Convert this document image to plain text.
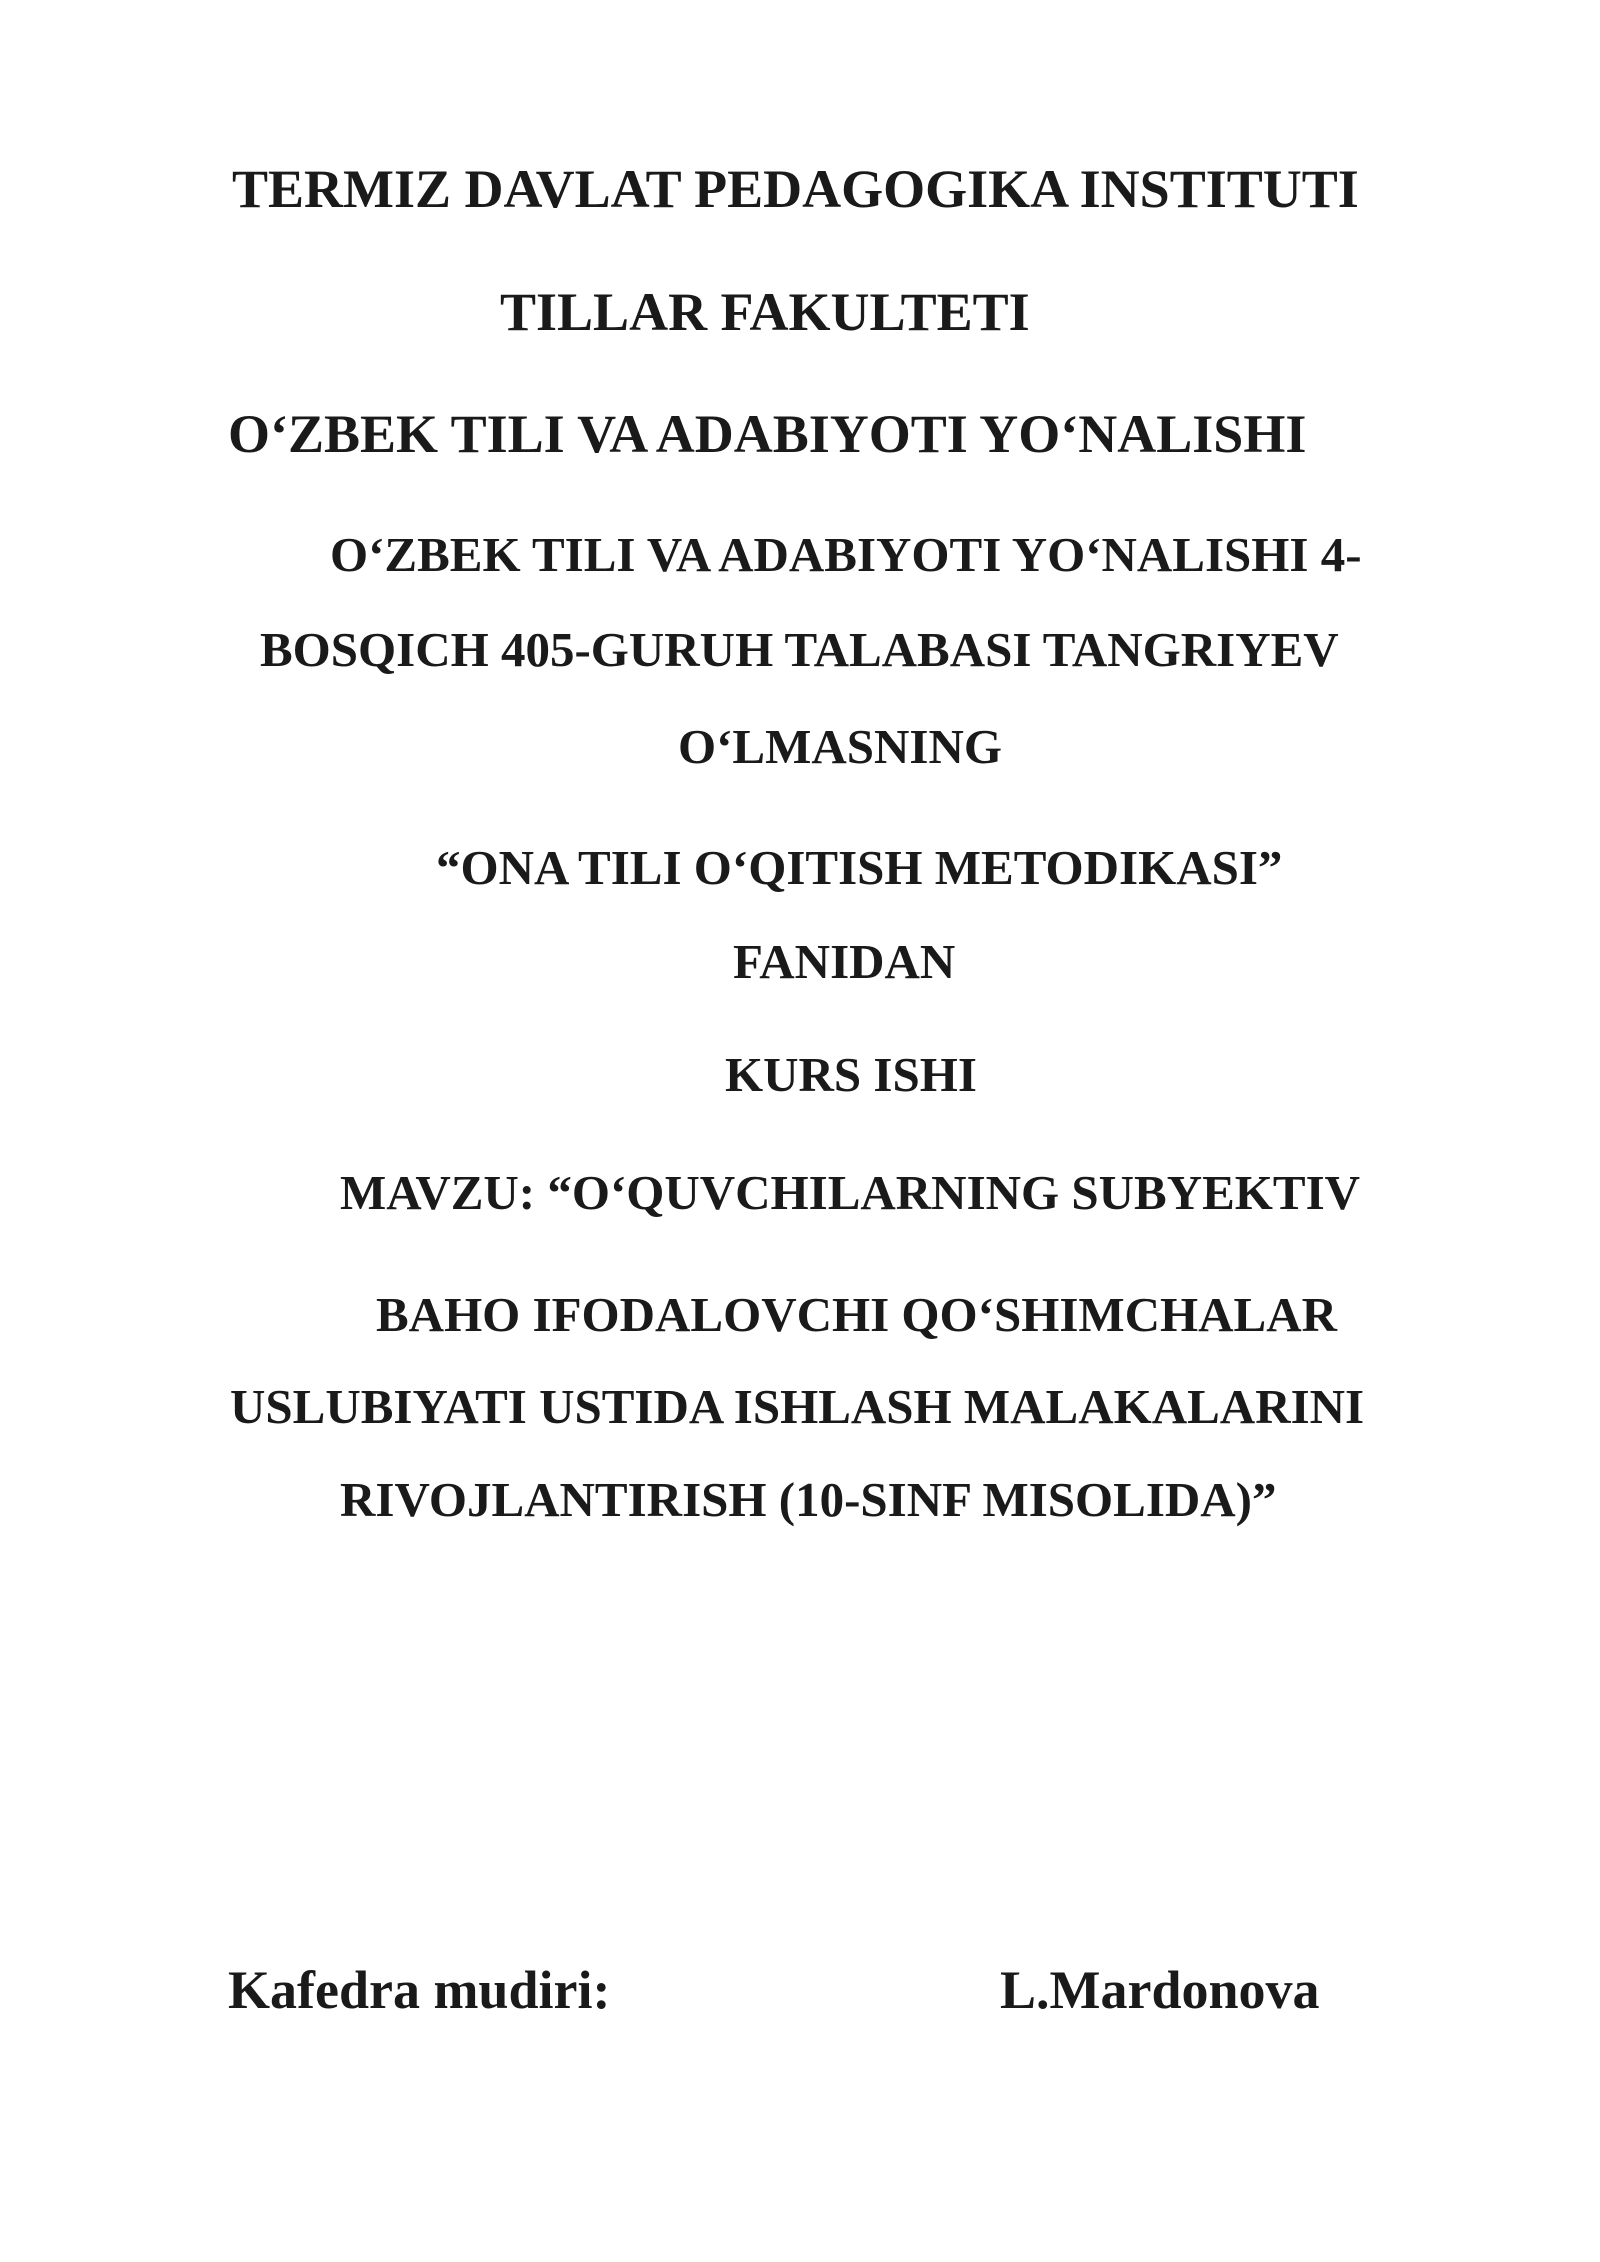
TERMIZ DAVLAT PEDAGOGIKA INSTITUTI
TILLAR FAKULTETI
O‘ZBEK TILI VA ADABIYOTI YO‘NALISHI
O‘ZBEK TILI VA ADABIYOTI YO‘NALISHI 4-
BOSQICH 405-GURUH TALABASI TANGRIYEV
O‘LMASNING
“ONA TILI O‘QITISH METODIKASI”
FANIDAN
KURS ISHI
MAVZU: “O‘QUVCHILARNING SUBYEKTIV
BAHO IFODALOVCHI QO‘SHIMCHALAR
USLUBIYATI USTIDA ISHLASH MALAKALARINI
RIVOJLANTIRISH (10-SINF MISOLIDA)”
Kafedra mudiri:	L.Mardonova
